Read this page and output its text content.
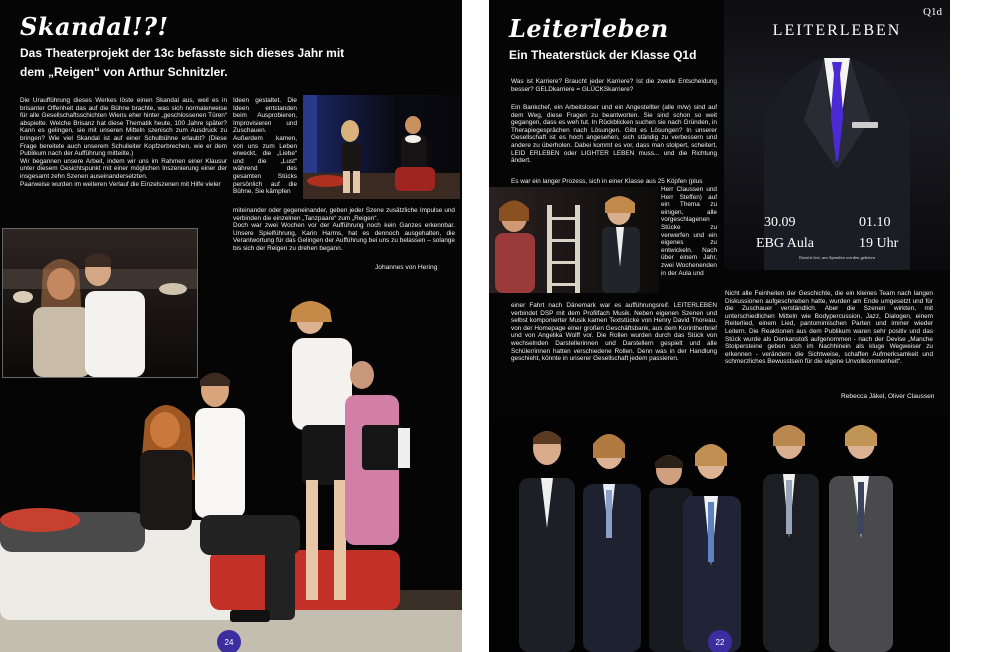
Skandal!?!
Das Theaterprojekt der 13c befasste sich dieses Jahr mit
dem „Reigen“ von Arthur Schnitzler.
Die Uraufführung dieses Werkes löste einen Skandal aus, weil es in brisanter Offenheit das auf die Bühne brachte, was sich normalerweise für alle Gesellschaftsschichten Wiens eher hinter „geschlossenen Türen“ abspielte. Welche Brisanz hat diese Thematik heute, 100 Jahre später? Kann es gelingen, sie mit unseren Mitteln szenisch zum Ausdruck zu bringen? Wie viel Skandal ist auf einer Schulbühne erlaubt? (Diese Frage bereitete auch unserem Schulleiter Kopfzerbrechen, wie er dem Publikum nach der Aufführung mitteilte.)
Wir begannen unsere Arbeit, indem wir uns im Rahmen einer Klausur unter diesem Gesichtspunkt mit einer möglichen Inszenierung einer der insgesamt zehn Szenen auseinandersetzten.
Paarweise wurden im weiteren Verlauf die Einzelszenen mit Hilfe vieler
Ideen gestaltet. Die Ideen entstanden beim Ausprobieren, Improvisieren und Zuschauen. Außerdem kamen, von uns zum Leben erweckt, die „Liebe“ und die „Lust“ während des gesamten Stücks persönlich auf die Bühne. Sie kämpfen
miteinander oder gegeneinander, geben jeder Szene zusätzliche Impulse und verbinden die einzelnen „Tanzpaare“ zum „Reigen“.
Doch war zwei Wochen vor der Aufführung noch kein Ganzes erkennbar. Unsere Spielführung, Karin Harms, hat es dennoch ausgehalten, die Verantwortung für das Gelingen der Aufführung bei uns zu belassen – solange bis sich der Reigen zu drehen begann.
Johannes von Hering
24
Leiterleben
Ein Theaterstück der Klasse Q1d
Was ist Karriere? Braucht jeder Karriere? Ist die zweite Entscheidung besser? GELDkarriere = GLÜCKSkarriere?
Ein Bankchef, ein Arbeitsloser und ein Angestellter (alle m/w) sind auf dem Weg, diese Fragen zu beantworten. Sie sind schon so weit gegangen, dass es weh tut. In Rückblicken suchen sie nach Gründen, in Therapiegesprächen nach Lösungen. Gibt es Lösungen? In unserer Gesellschaft ist es hoch angesehen, sich ständig zu verbessern und andere zu überholen. Dabei kommt es vor, dass man stolpert, scheitert, LEID ERLEBEN oder LIGHTER LEBEN muss... und die Richtung ändert.
Es war ein langer Prozess, sich in einer Klasse aus 25 Köpfen (plus
Herr Claussen und Herr Steffen) auf ein Thema zu einigen, alle vorgeschlagenen Stücke zu verwerfen und ein eigenes zu entwickeln. Nach über einem Jahr, zwei Wochenenden in der Aula und
einer Fahrt nach Dänemark war es aufführungsreif. LEITERLEBEN verbindet DSP mit dem Profilfach Musik. Neben eigenen Szenen und selbst komponierter Musik kamen Textstücke von Henry David Thoreau, von der Homepage einer großen Geschäftsbank, aus dem Korintherbrief und von Angelika Wolff vor. Die Rollen wurden durch das Stück von wechselnden Darstellerinnen und Darstellern gespielt und alle Schüler/innen hatten verschiedene Rollen. Denn was in der Handlung geschieht, könnte in unserer Gesellschaft jedem passieren.
Nicht alle Feinheiten der Geschichte, die ein kleines Team nach langen Diskussionen aufgeschrieben hatte, wurden am Ende umgesetzt und für die Zuschauer verständlich. Aber die Szenen wirkten, mit unterschiedlichen Mitteln wie Bodypercussion, Jazz, Dialogen, einem Reiterlied, einem Lied, pantomimischen Parten und immer wieder Leitern. Die Reaktionen aus dem Publikum waren sehr positiv und das Stück wurde als Denkanstoß aufgenommen - nach der Devise „Manche Stolpersteine geben sich im Nachhinein als kluge Wegweiser zu erkennen - verändern die Sichtweise, schaffen Aufmerksamkeit und schmerzliches Bewusstsein für die eigene Unvollkommenheit“.
Rebecca Jäkel, Oliver Claussen
Q1d
LEITERLEBEN
30.09	01.10
EBG Aula	19 Uhr
Eintritt frei, um Spenden werden gebeten
22
